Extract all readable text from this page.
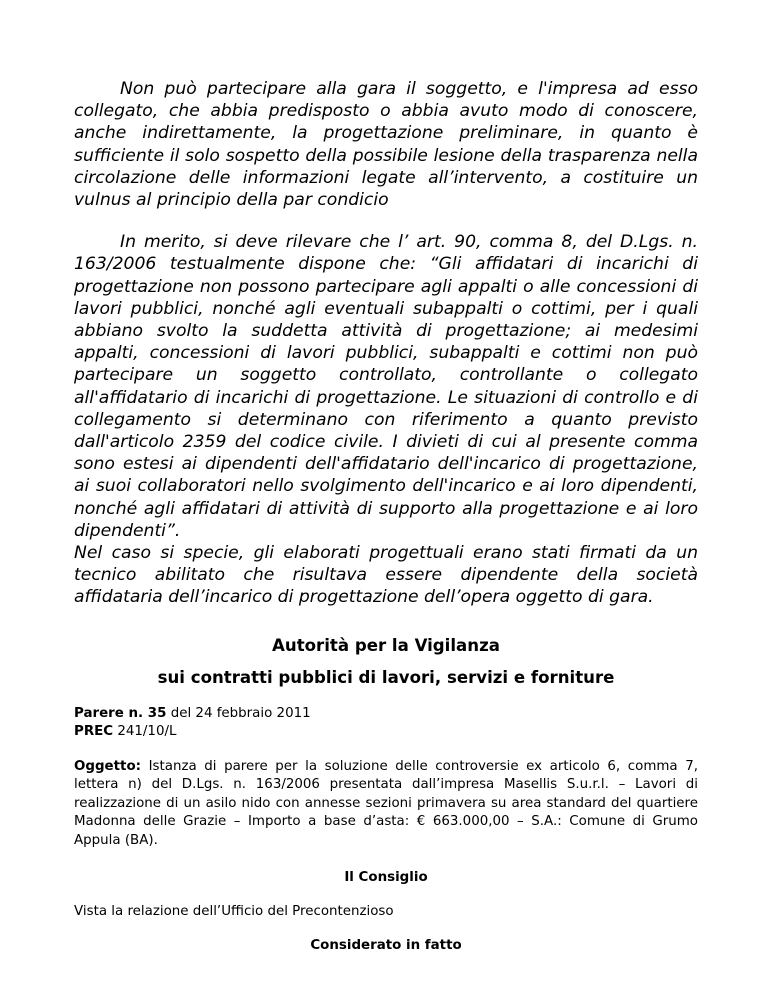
Non può partecipare alla gara il soggetto, e l'impresa ad esso collegato, che abbia predisposto o abbia avuto modo di conoscere, anche indirettamente, la progettazione preliminare, in quanto è sufficiente il solo sospetto della possibile lesione della trasparenza nella circolazione delle informazioni legate all’intervento, a costituire un vulnus al principio della par condicio

In merito, si deve rilevare che l’ art. 90, comma 8, del D.Lgs. n. 163/2006 testualmente dispone che: “Gli affidatari di incarichi di progettazione non possono partecipare agli appalti o alle concessioni di lavori pubblici, nonché agli eventuali subappalti o cottimi, per i quali abbiano svolto la suddetta attività di progettazione; ai medesimi appalti, concessioni di lavori pubblici, subappalti e cottimi non può partecipare un soggetto controllato, controllante o collegato all'affidatario di incarichi di progettazione. Le situazioni di controllo e di collegamento si determinano con riferimento a quanto previsto dall'articolo 2359 del codice civile. I divieti di cui al presente comma sono estesi ai dipendenti dell'affidatario dell'incarico di progettazione, ai suoi collaboratori nello svolgimento dell'incarico e ai loro dipendenti, nonché agli affidatari di attività di supporto alla progettazione e ai loro dipendenti”.

Nel caso si specie, gli elaborati progettuali erano stati firmati da un tecnico abilitato che risultava essere dipendente della società affidataria dell’incarico di progettazione dell’opera oggetto di gara.

Autorità per la Vigilanza

sui contratti pubblici di lavori, servizi e forniture

Parere n. 35 del 24 febbraio 2011

PREC 241/10/L

Oggetto: Istanza di parere per la soluzione delle controversie ex articolo 6, comma 7, lettera n) del D.Lgs. n. 163/2006 presentata dall’impresa Masellis S.u.r.l. – Lavori di realizzazione di un asilo nido con annesse sezioni primavera su area standard del quartiere Madonna delle Grazie – Importo a base d’asta: € 663.000,00 – S.A.: Comune di Grumo Appula (BA).

Il Consiglio

Vista la relazione dell’Ufficio del Precontenzioso

Considerato in fatto
